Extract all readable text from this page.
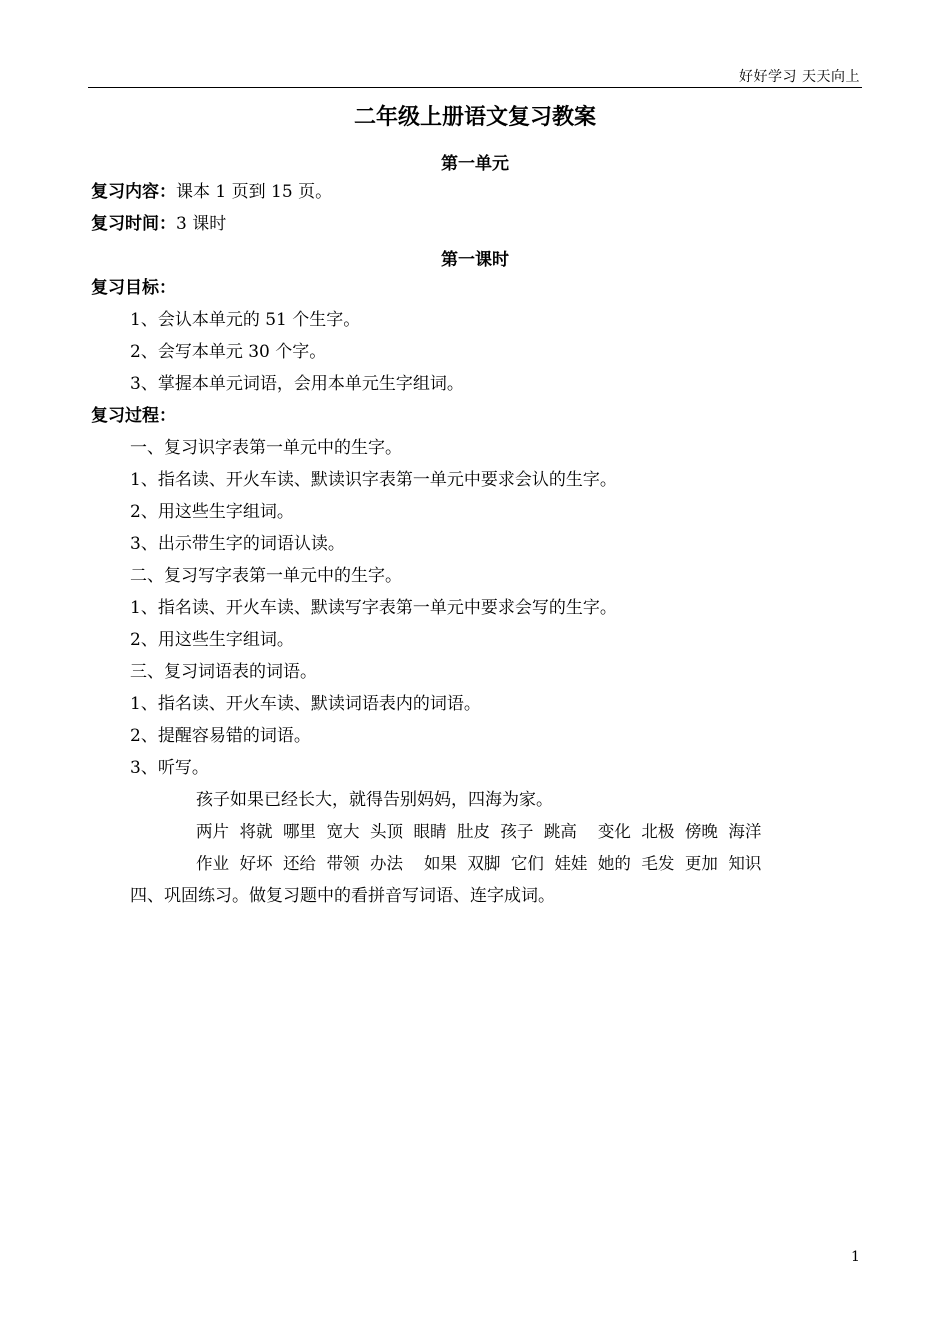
好好学习 天天向上
二年级上册语文复习教案
第一单元
复习内容：课本 1 页到 15 页。
复习时间：3 课时
第一课时
复习目标：
1、会认本单元的 51 个生字。
2、会写本单元 30 个字。
3、掌握本单元词语，会用本单元生字组词。
复习过程：
一、复习识字表第一单元中的生字。
1、指名读、开火车读、默读识字表第一单元中要求会认的生字。
2、用这些生字组词。
3、出示带生字的词语认读。
二、复习写字表第一单元中的生字。
1、指名读、开火车读、默读写字表第一单元中要求会写的生字。
2、用这些生字组词。
三、复习词语表的词语。
1、指名读、开火车读、默读词语表内的词语。
2、提醒容易错的词语。
3、听写。
孩子如果已经长大，就得告别妈妈，四海为家。
两片  将就  哪里  宽大  头顶  眼睛  肚皮  孩子  跳高    变化  北极  傍晚  海洋
作业  好坏  还给  带领  办法    如果  双脚  它们  娃娃  她的  毛发  更加  知识
四、巩固练习。做复习题中的看拼音写词语、连字成词。
1
